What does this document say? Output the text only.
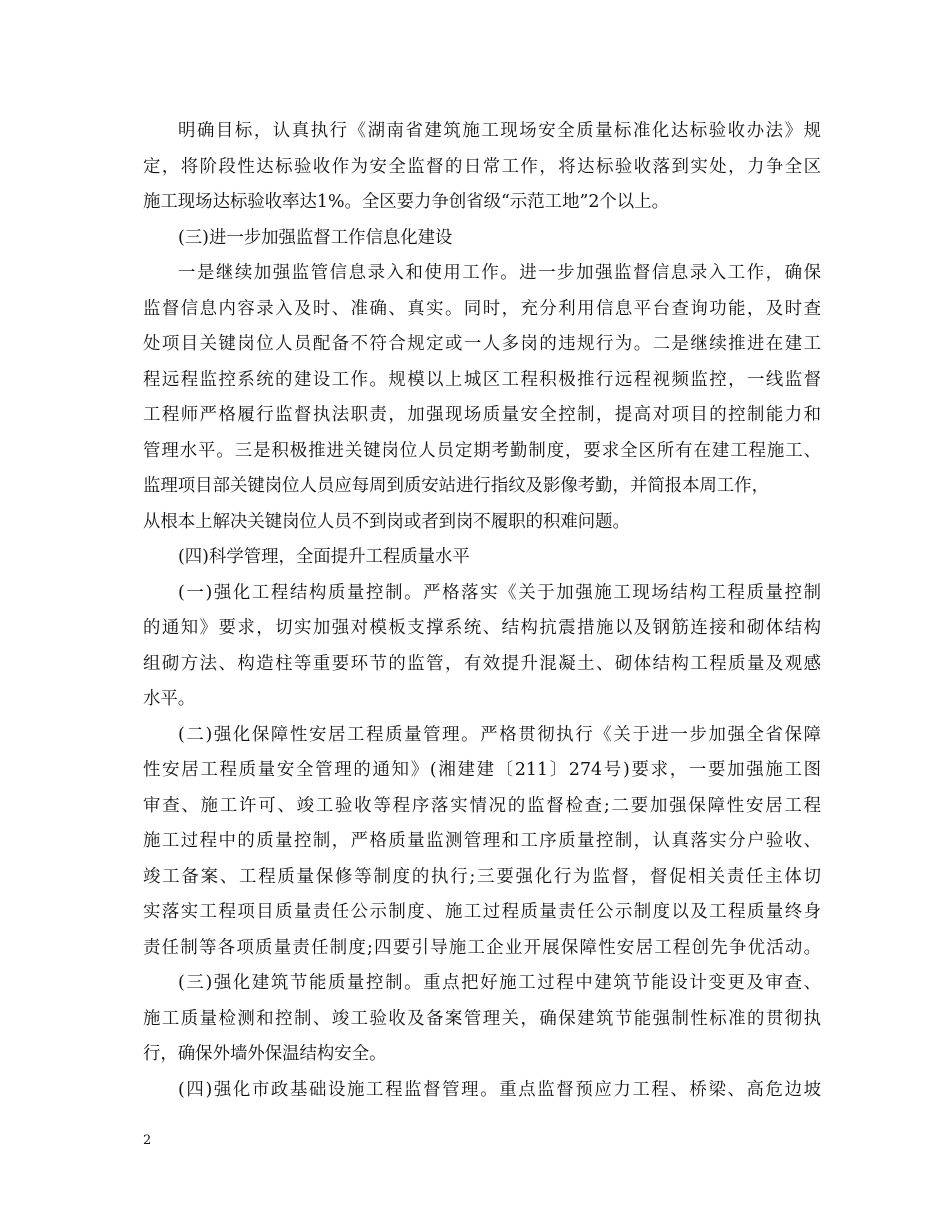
明确目标，认真执行《湖南省建筑施工现场安全质量标准化达标验收办法》规
定，将阶段性达标验收作为安全监督的日常工作，将达标验收落到实处，力争全区
施工现场达标验收率达1%。全区要力争创省级“示范工地”2个以上。
(三)进一步加强监督工作信息化建设
一是继续加强监管信息录入和使用工作。进一步加强监督信息录入工作，确保
监督信息内容录入及时、准确、真实。同时，充分利用信息平台查询功能，及时查
处项目关键岗位人员配备不符合规定或一人多岗的违规行为。二是继续推进在建工
程远程监控系统的建设工作。规模以上城区工程积极推行远程视频监控，一线监督
工程师严格履行监督执法职责，加强现场质量安全控制，提高对项目的控制能力和
管理水平。三是积极推进关键岗位人员定期考勤制度，要求全区所有在建工程施工、
监理项目部关键岗位人员应每周到质安站进行指纹及影像考勤，并简报本周工作，
从根本上解决关键岗位人员不到岗或者到岗不履职的积难问题。
(四)科学管理，全面提升工程质量水平
(一)强化工程结构质量控制。严格落实《关于加强施工现场结构工程质量控制
的通知》要求，切实加强对模板支撑系统、结构抗震措施以及钢筋连接和砌体结构
组砌方法、构造柱等重要环节的监管，有效提升混凝土、砌体结构工程质量及观感
水平。
(二)强化保障性安居工程质量管理。严格贯彻执行《关于进一步加强全省保障
性安居工程质量安全管理的通知》(湘建建〔211〕274号)要求，一要加强施工图
审查、施工许可、竣工验收等程序落实情况的监督检查;二要加强保障性安居工程
施工过程中的质量控制，严格质量监测管理和工序质量控制，认真落实分户验收、
竣工备案、工程质量保修等制度的执行;三要强化行为监督，督促相关责任主体切
实落实工程项目质量责任公示制度、施工过程质量责任公示制度以及工程质量终身
责任制等各项质量责任制度;四要引导施工企业开展保障性安居工程创先争优活动。
(三)强化建筑节能质量控制。重点把好施工过程中建筑节能设计变更及审查、
施工质量检测和控制、竣工验收及备案管理关，确保建筑节能强制性标准的贯彻执
行，确保外墙外保温结构安全。
(四)强化市政基础设施工程监督管理。重点监督预应力工程、桥梁、高危边坡
2
